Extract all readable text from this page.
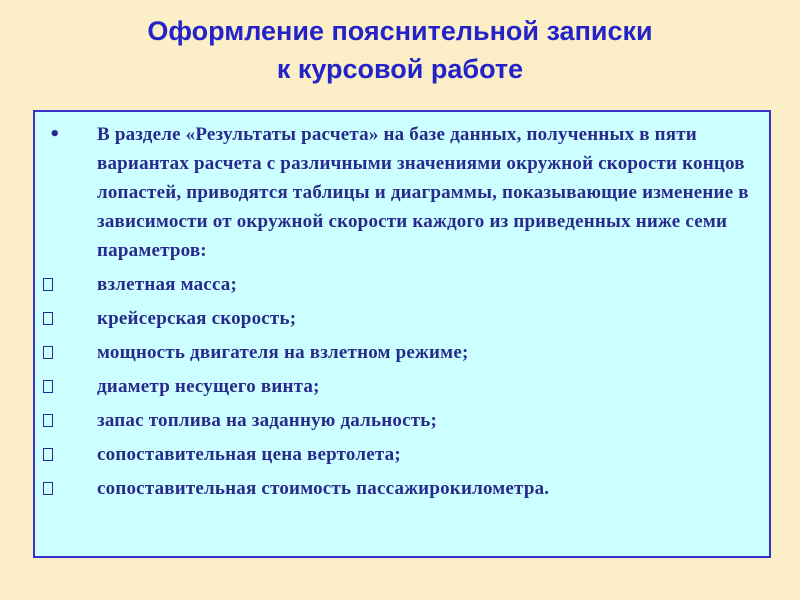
Оформление пояснительной записки
к курсовой работе
• В разделе «Результаты расчета» на базе данных, полученных в пяти вариантах расчета с различными значениями окружной скорости концов лопастей, приводятся таблицы и диаграммы, показывающие изменение в зависимости от окружной скорости каждого из приведенных ниже семи параметров:
взлетная масса;
крейсерская скорость;
мощность двигателя на взлетном режиме;
диаметр несущего винта;
запас топлива на заданную дальность;
сопоставительная цена вертолета;
сопоставительная стоимость пассажирокилометра.
